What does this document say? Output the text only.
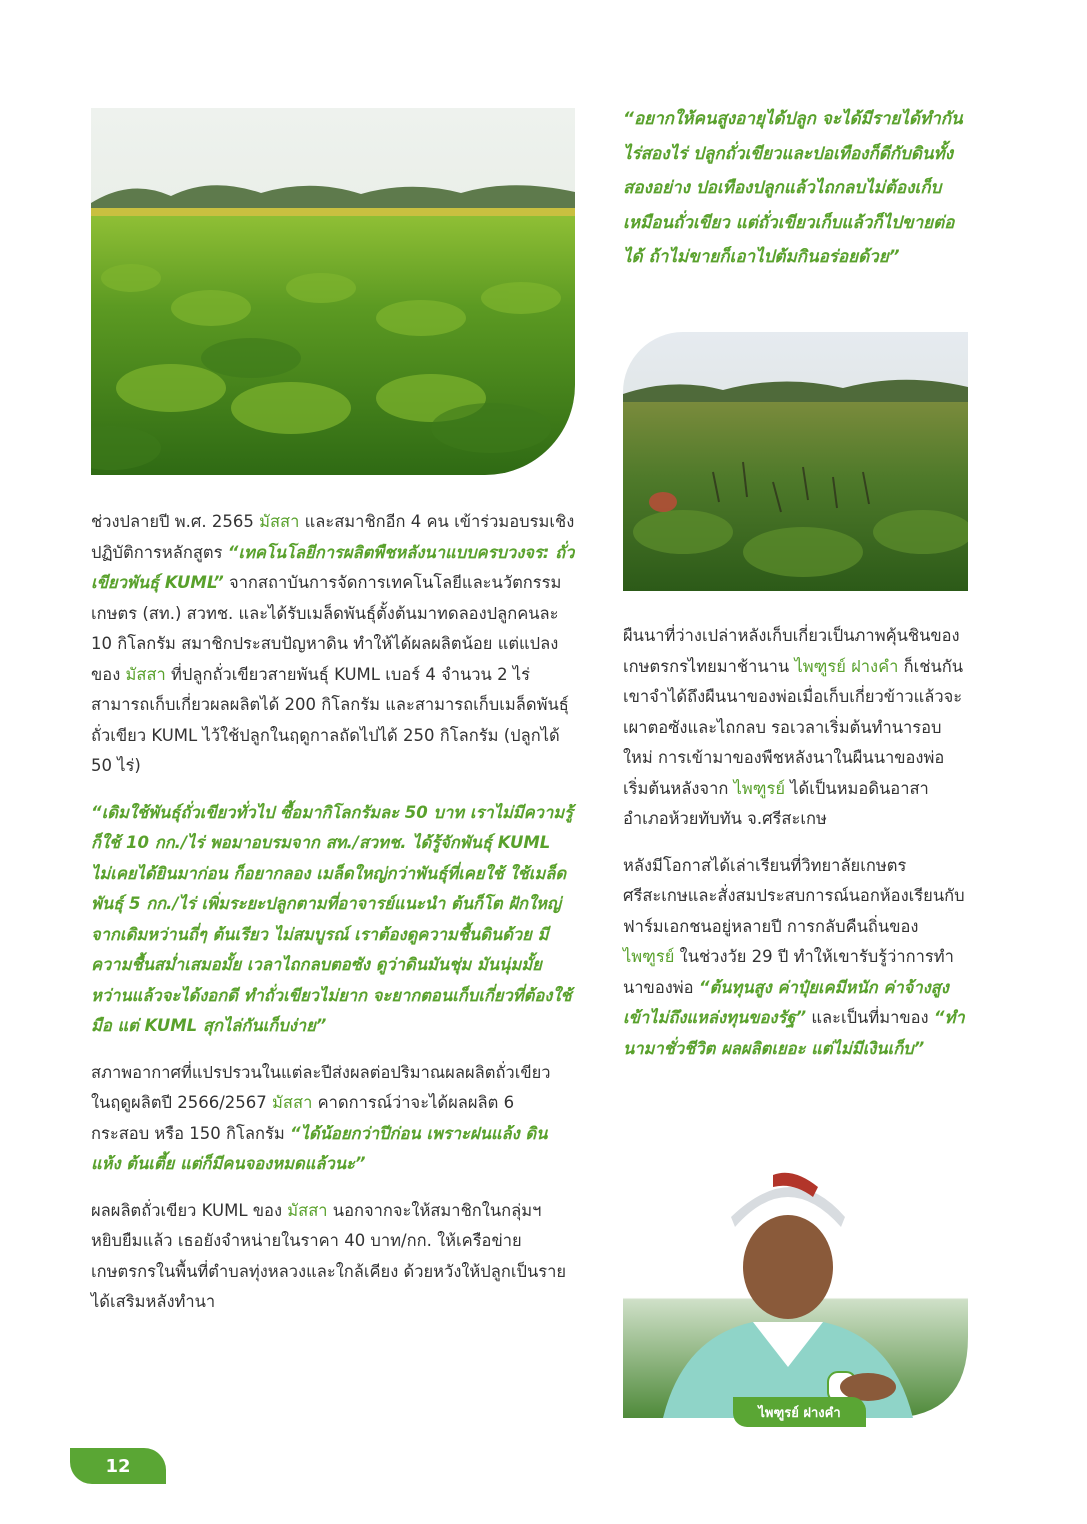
“อยากให้คนสูงอายุได้ปลูก จะได้มีรายได้ทำกันไร่สองไร่ ปลูกถั่วเขียวและปอเทืองก็ดีกับดินทั้งสองอย่าง ปอเทืองปลูกแล้วไถกลบไม่ต้องเก็บเหมือนถั่วเขียว แต่ถั่วเขียวเก็บแล้วก็ไปขายต่อได้ ถ้าไม่ขายก็เอาไปต้มกินอร่อยด้วย”

ช่วงปลายปี พ.ศ. 2565 มัสสา และสมาชิกอีก 4 คน เข้าร่วมอบรมเชิงปฏิบัติการหลักสูตร “เทคโนโลยีการผลิตพืชหลังนาแบบครบวงจร: ถั่วเขียวพันธุ์ KUML” จากสถาบันการจัดการเทคโนโลยีและนวัตกรรมเกษตร (สท.) สวทช. และได้รับเมล็ดพันธุ์ตั้งต้นมาทดลองปลูกคนละ 10 กิโลกรัม สมาชิกประสบปัญหาดิน ทำให้ได้ผลผลิตน้อย แต่แปลงของ มัสสา ที่ปลูกถั่วเขียวสายพันธุ์ KUML เบอร์ 4 จำนวน 2 ไร่ สามารถเก็บเกี่ยวผลผลิตได้ 200 กิโลกรัม และสามารถเก็บเมล็ดพันธุ์ถั่วเขียว KUML ไว้ใช้ปลูกในฤดูกาลถัดไปได้ 250 กิโลกรัม (ปลูกได้ 50 ไร่)

“เดิมใช้พันธุ์ถั่วเขียวทั่วไป ซื้อมากิโลกรัมละ 50 บาท เราไม่มีความรู้ก็ใช้ 10 กก./ไร่ พอมาอบรมจาก สท./สวทช. ได้รู้จักพันธุ์ KUML ไม่เคยได้ยินมาก่อน ก็อยากลอง เมล็ดใหญ่กว่าพันธุ์ที่เคยใช้ ใช้เมล็ดพันธุ์ 5 กก./ไร่ เพิ่มระยะปลูกตามที่อาจารย์แนะนำ ต้นก็โต ฝักใหญ่ จากเดิมหว่านถี่ๆ ต้นเรียว ไม่สมบูรณ์ เราต้องดูความชื้นดินด้วย มีความชื้นสม่ำเสมอมั้ย เวลาไถกลบตอซัง ดูว่าดินมันชุ่ม มันนุ่มมั้ย หว่านแล้วจะได้งอกดี ทำถั่วเขียวไม่ยาก จะยากตอนเก็บเกี่ยวที่ต้องใช้มือ แต่ KUML สุกไล่กันเก็บง่าย”

สภาพอากาศที่แปรปรวนในแต่ละปีส่งผลต่อปริมาณผลผลิตถั่วเขียว ในฤดูผลิตปี 2566/2567 มัสสา คาดการณ์ว่าจะได้ผลผลิต 6 กระสอบ หรือ 150 กิโลกรัม “ได้น้อยกว่าปีก่อน เพราะฝนแล้ง ดินแห้ง ต้นเตี้ย แต่ก็มีคนจองหมดแล้วนะ”

ผลผลิตถั่วเขียว KUML ของ มัสสา นอกจากจะให้สมาชิกในกลุ่มฯ หยิบยืมแล้ว เธอยังจำหน่ายในราคา 40 บาท/กก. ให้เครือข่ายเกษตรกรในพื้นที่ตำบลทุ่งหลวงและใกล้เคียง ด้วยหวังให้ปลูกเป็นรายได้เสริมหลังทำนา

ผืนนาที่ว่างเปล่าหลังเก็บเกี่ยวเป็นภาพคุ้นชินของเกษตรกรไทยมาช้านาน ไพฑูรย์ ฝางคำ ก็เช่นกัน เขาจำได้ถึงผืนนาของพ่อเมื่อเก็บเกี่ยวข้าวแล้วจะเผาตอซังและไถกลบ รอเวลาเริ่มต้นทำนารอบใหม่ การเข้ามาของพืชหลังนาในผืนนาของพ่อ เริ่มต้นหลังจาก ไพฑูรย์ ได้เป็นหมอดินอาสาอำเภอห้วยทับทัน จ.ศรีสะเกษ

หลังมีโอกาสได้เล่าเรียนที่วิทยาลัยเกษตรศรีสะเกษและสั่งสมประสบการณ์นอกห้องเรียนกับฟาร์มเอกชนอยู่หลายปี การกลับคืนถิ่นของ ไพฑูรย์ ในช่วงวัย 29 ปี ทำให้เขารับรู้ว่าการทำนาของพ่อ “ต้นทุนสูง ค่าปุ๋ยเคมีหนัก ค่าจ้างสูง เข้าไม่ถึงแหล่งทุนของรัฐ” และเป็นที่มาของ “ทำนามาชั่วชีวิต ผลผลิตเยอะ แต่ไม่มีเงินเก็บ”

ไพฑูรย์ ฝางคำ
12
